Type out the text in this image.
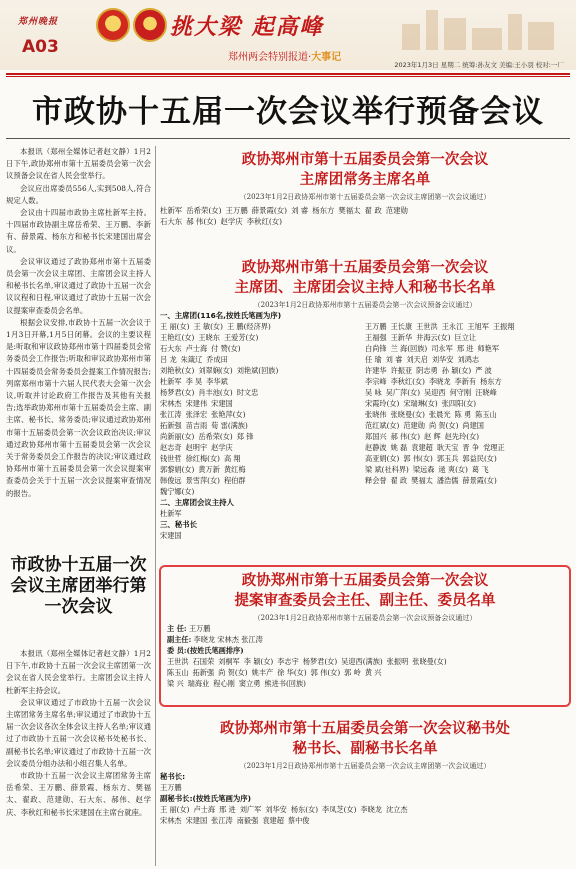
郑州晚报
A03
挑大梁 起高峰
郑州两会特别报道·大事记
2023年1月3日 星期二 统筹:孙友文 美编:王小羽 校对:一厂
市政协十五届一次会议举行预备会议

本报讯（郑州全媒体记者赵文静）1月2日下午,政协郑州市第十五届委员会第一次会议预备会议在省人民会堂举行。

会议应出席委员556人,实到508人,符合规定人数。

会议由十四届市政协主席杜新军主持。十四届市政协副主席岳希荣、王万鹏、李新有、薛景霞、杨东方和秘书长宋建国出席会议。

会议审议通过了政协郑州市第十五届委员会第一次会议主席团、主席团会议主持人和秘书长名单,审议通过了政协十五届一次会议议程和日程,审议通过了政协十五届一次会议提案审查委员会名单。

根据会议安排,市政协十五届一次会议于1月3日开幕,1月5日闭幕。会议的主要议程是:听取和审议政协郑州市第十四届委员会常务委员会工作报告;听取和审议政协郑州市第十四届委员会常务委员会提案工作情况报告;列席郑州市第十六届人民代表大会第一次会议,听取并讨论政府工作报告及其他有关报告;选举政协郑州市第十五届委员会主席、副主席、秘书长、常务委员;审议通过政协郑州市第十五届委员会第一次会议政治决议;审议通过政协郑州市第十五届委员会第一次会议关于常务委员会工作报告的决议;审议通过政协郑州市第十五届委员会第一次会议提案审查委员会关于十五届一次会议提案审查情况的报告。

市政协十五届一次会议主席团举行第一次会议

本报讯（郑州全媒体记者赵文静）1月2日下午,市政协十五届一次会议主席团第一次会议在省人民会堂举行。主席团会议主持人杜新军主持会议。

会议审议通过了市政协十五届一次会议主席团常务主席名单;审议通过了市政协十五届一次会议各次全体会议主持人名单;审议通过了市政协十五届一次会议秘书处秘书长、副秘书长名单;审议通过了市政协十五届一次会议委员分组办法和小组召集人名单。

市政协十五届一次会议主席团常务主席岳希荣、王万鹏、薛景霞、杨东方、樊福太、翟政、范建勋、石大东、郝伟、赵学庆、李秋红和秘书长宋建国在主席台就座。

政协郑州市第十五届委员会第一次会议
主席团常务主席名单
（2023年1月2日政协郑州市第十五届委员会第一次会议主席团第一次会议通过）
杜新军 岳希荣(女) 王万鹏 薛景霞(女) 刘 睿 杨东方 樊福太 翟 政 范建勋
石大东 郝 伟(女) 赵学庆 李秋红(女)
政协郑州市第十五届委员会第一次会议
主席团、主席团会议主持人和秘书长名单
（2023年1月2日政协郑州市第十五届委员会第一次会议预备会议通过）
一、主席团(116名,按姓氏笔画为序)
王 丽(女) 王 敏(女) 王 鹏(经济界)
王艳红(女) 王晓东 王爱芳(女)
石大东 卢士海 付 赞(女)
吕 龙 朱箴辽 乔成田
刘艳秋(女) 刘翠娴(女) 刘艳斌(回族)
杜新军 李 昊 李华斌
杨梦君(女) 肖丰池(女) 时文忠
宋林杰 宋建伟 宋建国
张江涛 张泽宏 张艳萍(女)
拓新强 苗吉雨 荀 雷(满族)
尚新丽(女) 岳希荣(女) 郑 锋
赵志奇 赵明宇 赵学庆
钱世哲 徐红梅(女) 高 翔
郭黎娟(女) 黄万新 黄红梅
韩俊远 景雪萍(女) 程伯群
魏宁娜(女)
王万鹏 王长康 王世洪 王永江 王旭军 王振翔
王福强 王新华 井海云(女) 巨立让
白尚锋 兰 海(回族) 司永军 邢 进 师艳军
任 瑜 刘 睿 刘天启 刘华安 刘鸿志
许建华 许振亚 阴志勇 孙 颖(女) 严 波
李宗峰 李秋红(女) 李晓龙 李新有 杨东方
吴 咏 吴广萍(女) 吴迎西 何守刚 汪晓峰
宋霞玲(女) 宋瑞琳(女) 张四阳(女)
张晓伟 张晓曼(女) 张晨光 陈 勇 陈玉山
范红斌(女) 范建勋 尚 贺(女) 尚建国
郑国兴 郝 伟(女) 赵 辉 赵先玲(女)
赵静波 姚 磊 袁建超 耿天宝 晋 争 党理正
高亚娟(女) 郭 伟(女) 郭玉兵 郭益民(女)
梁 斌(社科界) 梁远森 逯 爽(女) 葛 飞
释会誉 翟 政 樊福太 潘浩儒 薛景霞(女)
二、主席团会议主持人
杜新军
三、秘书长
宋建国
政协郑州市第十五届委员会第一次会议
提案审查委员会主任、副主任、委员名单
（2023年1月2日政协郑州市第十五届委员会第一次会议预备会议通过）
主 任: 王万鹏
副主任: 李晓龙 宋林杰 张江涛
委 员:(按姓氏笔画排序)
王世洪 石国荣 刘桐军 李 颖(女) 李志宇 杨梦君(女) 吴迎西(满族) 张振明 张晓曼(女)
陈玉山 拓新强 尚 贺(女) 姚丰产 徐 华(女) 郭 伟(女) 郭 岭 黄 兴
梁 兴 瑞海业 程心刚 窦立勇 熊进书(回族)
政协郑州市第十五届委员会第一次会议秘书处
秘书长、副秘书长名单
（2023年1月2日政协郑州市第十五届委员会第一次会议主席团第一次会议通过）
秘书长:
王万鹏
副秘书长:(按姓氏笔画为序)
王 丽(女) 卢士海 邢 进 刘广军 刘华安 杨东(女) 李凤芝(女) 李晓龙 沈立杰
宋林杰 宋建国 张江涛 南毅强 袁建超 蔡中俊
